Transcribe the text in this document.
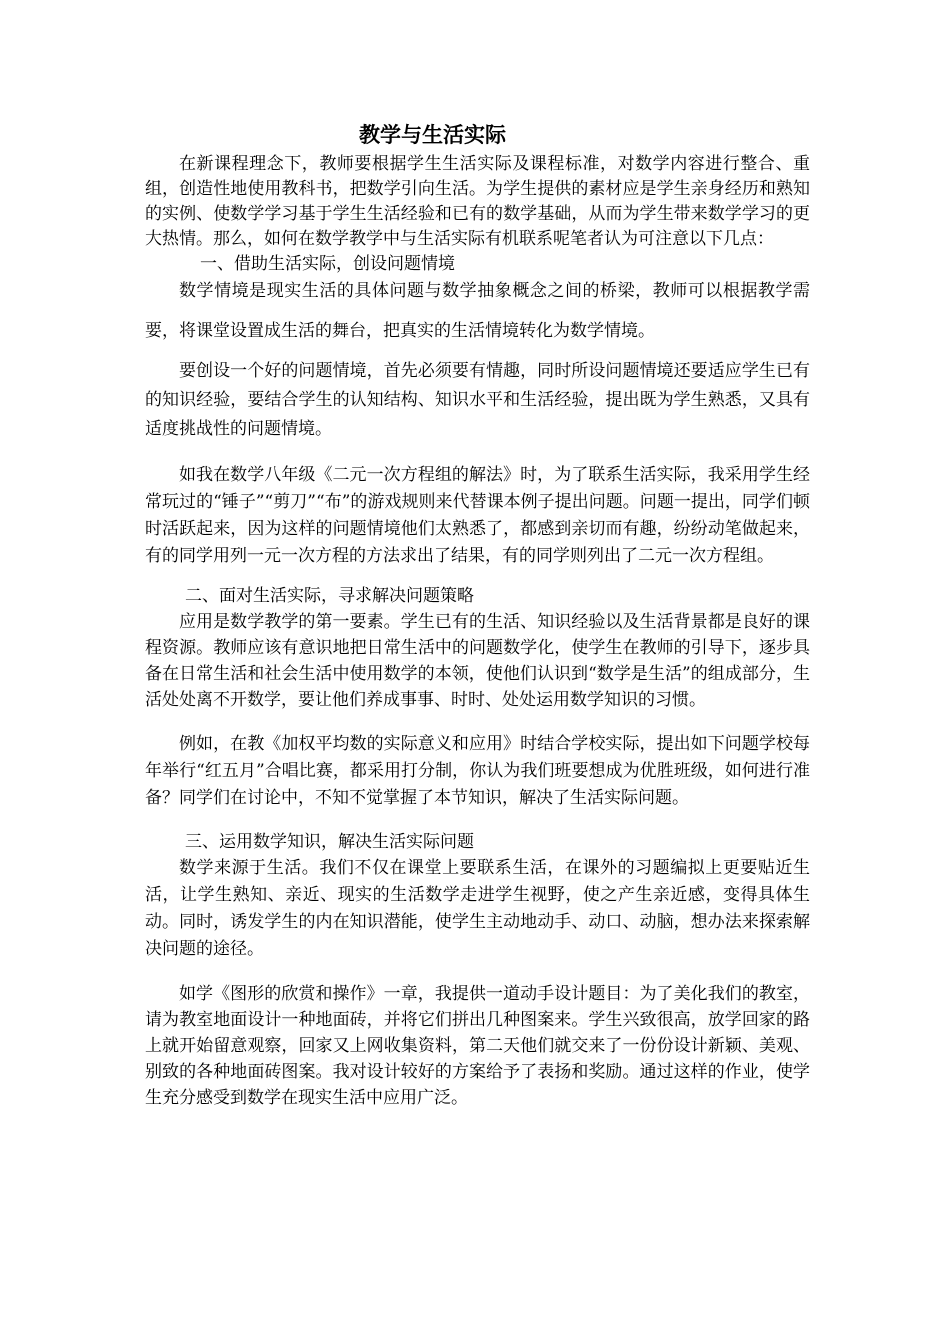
教学与生活实际

在新课程理念下，教师要根据学生生活实际及课程标准，对数学内容进行整合、重组，创造性地使用教科书，把数学引向生活。为学生提供的素材应是学生亲身经历和熟知的实例、使数学学习基于学生生活经验和已有的数学基础，从而为学生带来数学学习的更大热情。那么，如何在数学教学中与生活实际有机联系呢笔者认为可注意以下几点：

一、借助生活实际，创设问题情境

数学情境是现实生活的具体问题与数学抽象概念之间的桥梁，教师可以根据教学需要，将课堂设置成生活的舞台，把真实的生活情境转化为数学情境。

要创设一个好的问题情境，首先必须要有情趣，同时所设问题情境还要适应学生已有的知识经验，要结合学生的认知结构、知识水平和生活经验，提出既为学生熟悉，又具有适度挑战性的问题情境。

如我在数学八年级《二元一次方程组的解法》时，为了联系生活实际，我采用学生经常玩过的“锤子”“剪刀”“布”的游戏规则来代替课本例子提出问题。问题一提出，同学们顿时活跃起来，因为这样的问题情境他们太熟悉了，都感到亲切而有趣，纷纷动笔做起来，有的同学用列一元一次方程的方法求出了结果，有的同学则列出了二元一次方程组。

二、面对生活实际，寻求解决问题策略

应用是数学教学的第一要素。学生已有的生活、知识经验以及生活背景都是良好的课程资源。教师应该有意识地把日常生活中的问题数学化，使学生在教师的引导下，逐步具备在日常生活和社会生活中使用数学的本领，使他们认识到“数学是生活”的组成部分，生活处处离不开数学，要让他们养成事事、时时、处处运用数学知识的习惯。

例如，在教《加权平均数的实际意义和应用》时结合学校实际，提出如下问题学校每年举行“红五月”合唱比赛，都采用打分制，你认为我们班要想成为优胜班级，如何进行准备？同学们在讨论中，不知不觉掌握了本节知识，解决了生活实际问题。

三、运用数学知识，解决生活实际问题

数学来源于生活。我们不仅在课堂上要联系生活，在课外的习题编拟上更要贴近生活，让学生熟知、亲近、现实的生活数学走进学生视野，使之产生亲近感，变得具体生动。同时，诱发学生的内在知识潜能，使学生主动地动手、动口、动脑，想办法来探索解决问题的途径。

如学《图形的欣赏和操作》一章，我提供一道动手设计题目：为了美化我们的教室，请为教室地面设计一种地面砖，并将它们拼出几种图案来。学生兴致很高，放学回家的路上就开始留意观察，回家又上网收集资料，第二天他们就交来了一份份设计新颖、美观、别致的各种地面砖图案。我对设计较好的方案给予了表扬和奖励。通过这样的作业，使学生充分感受到数学在现实生活中应用广泛。
